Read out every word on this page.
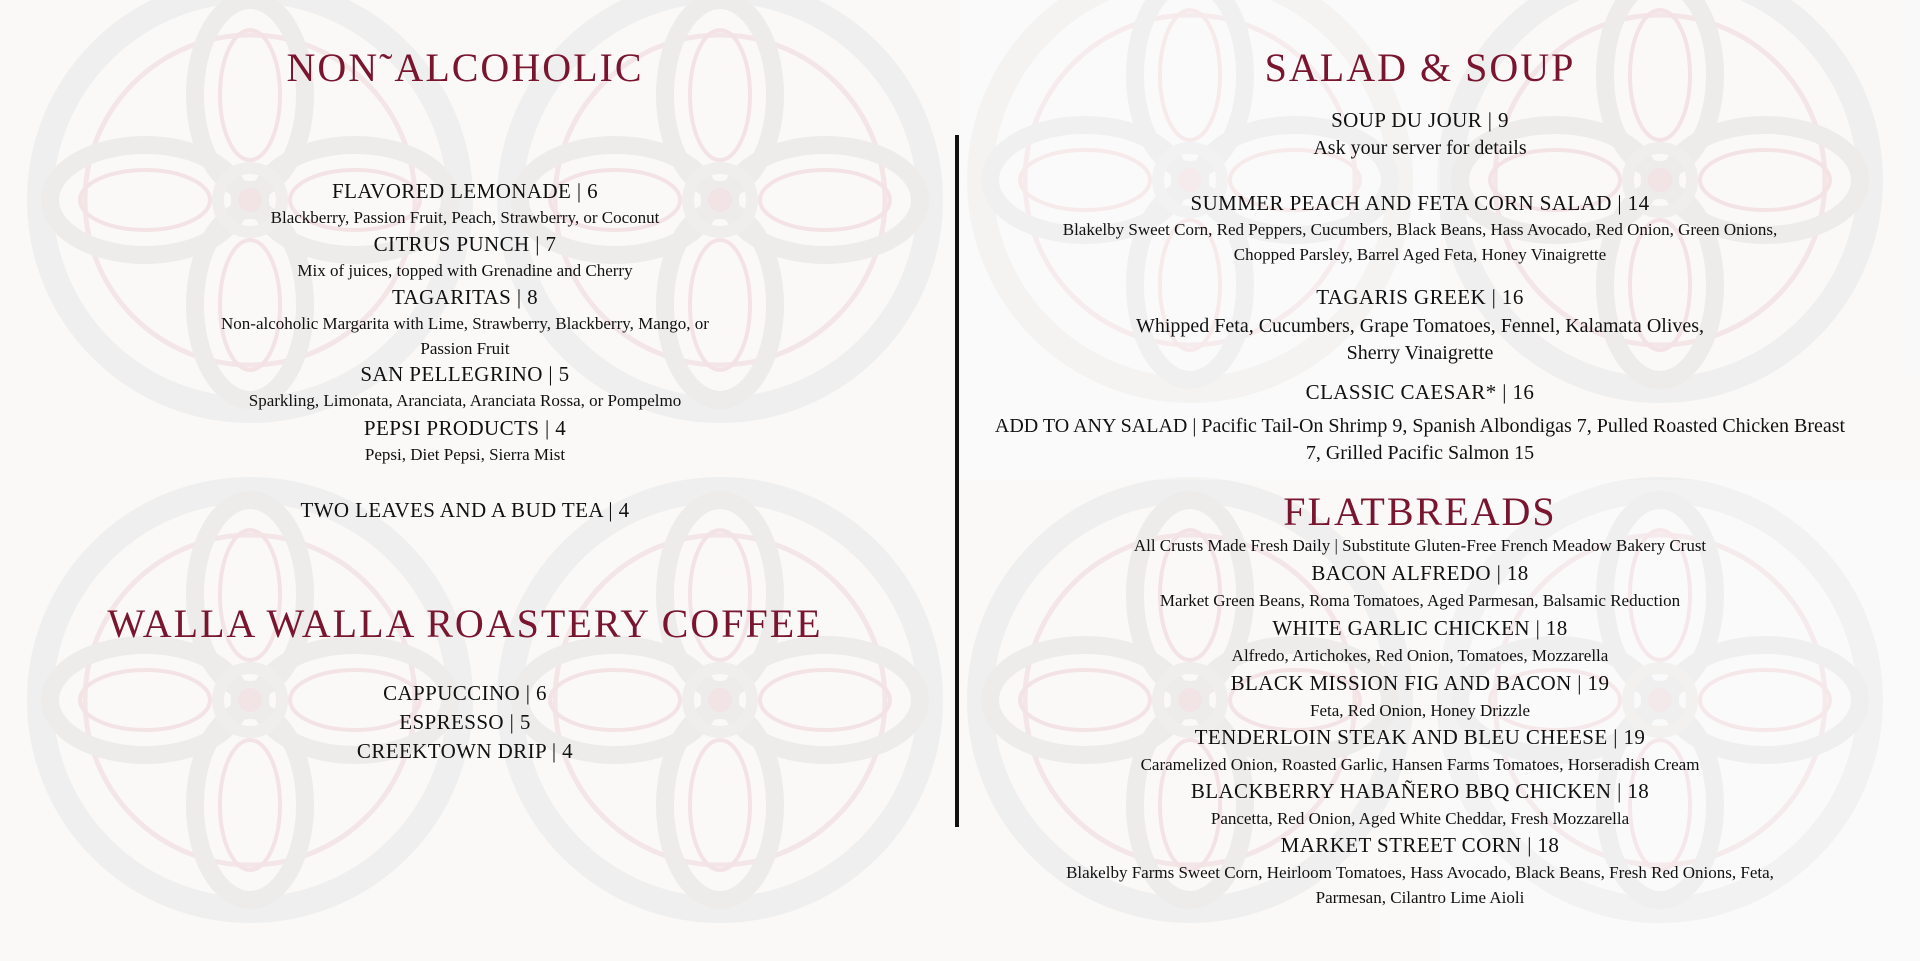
NON˜ALCOHOLIC

FLAVORED LEMONADE | 6

Blackberry, Passion Fruit, Peach, Strawberry, or Coconut

CITRUS PUNCH | 7

Mix of juices, topped with Grenadine and Cherry

TAGARITAS | 8

Non-alcoholic Margarita with Lime, Strawberry, Blackberry, Mango, or Passion Fruit

SAN PELLEGRINO | 5

Sparkling, Limonata, Aranciata, Aranciata Rossa, or Pompelmo

PEPSI PRODUCTS | 4

Pepsi, Diet Pepsi, Sierra Mist

TWO LEAVES AND A BUD TEA | 4

WALLA WALLA ROASTERY COFFEE

CAPPUCCINO | 6

ESPRESSO | 5

CREEKTOWN DRIP | 4

SALAD & SOUP

SOUP DU JOUR | 9

Ask your server for details

SUMMER PEACH AND FETA CORN SALAD | 14

Blakelby Sweet Corn, Red Peppers, Cucumbers, Black Beans, Hass Avocado, Red Onion, Green Onions, Chopped Parsley, Barrel Aged Feta, Honey Vinaigrette

TAGARIS GREEK | 16

Whipped Feta, Cucumbers, Grape Tomatoes, Fennel, Kalamata Olives, Sherry Vinaigrette

CLASSIC CAESAR* | 16

ADD TO ANY SALAD | Pacific Tail-On Shrimp 9, Spanish Albondigas 7, Pulled Roasted Chicken Breast 7, Grilled Pacific Salmon 15

FLATBREADS

All Crusts Made Fresh Daily | Substitute Gluten-Free French Meadow Bakery Crust

BACON ALFREDO | 18

Market Green Beans, Roma Tomatoes, Aged Parmesan, Balsamic Reduction

WHITE GARLIC CHICKEN | 18

Alfredo, Artichokes, Red Onion, Tomatoes, Mozzarella

BLACK MISSION FIG AND BACON | 19

Feta, Red Onion, Honey Drizzle

TENDERLOIN STEAK AND BLEU CHEESE | 19

Caramelized Onion, Roasted Garlic, Hansen Farms Tomatoes, Horseradish Cream

BLACKBERRY HABAÑERO BBQ CHICKEN | 18

Pancetta, Red Onion, Aged White Cheddar, Fresh Mozzarella

MARKET STREET CORN | 18

Blakelby Farms Sweet Corn, Heirloom Tomatoes, Hass Avocado, Black Beans, Fresh Red Onions, Feta, Parmesan, Cilantro Lime Aioli
